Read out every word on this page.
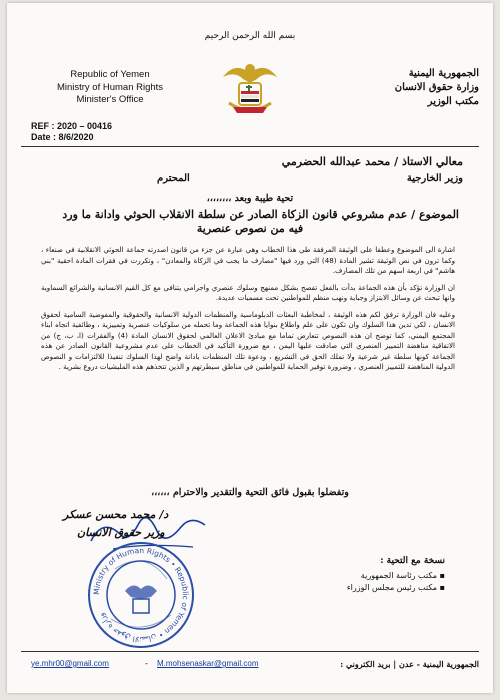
بسم الله الرحمن الرحيم
Republic of Yemen
Ministry of Human Rights
Minister's Office
الجمهورية اليمنية
وزارة حقوق الانسان
مكتب الوزير
REF : 2020 – 00416
Date : 8/6/2020
معالي الاستاذ / محمد عبدالله الحضرمي
وزير الخارجية
المحترم
تحية طيبة وبعد ،،،،،،،،
الموضوع / عدم مشروعي قانون الزكاة الصادر عن سلطة الانقلاب الحوثي وادانة ما ورد
فيه من نصوص عنصرية

اشارة الى الموضوع وعطفا على الوثيقة المرفقة طي هذا الخطاب وهي عبارة عن جزء من قانون اصدرته جماعة الحوثي الانقلابية في صنعاء ، وكما ترون في نص الوثيقة تشير المادة (48) التي ورد فيها "مصارف ما يجب في الزكاة والمعادن" ، وتكررت في فقرات المادة احقية "بني هاشم" في اربعة اسهم من تلك المصارف.

ان الوزارة تؤكد بأن هذه الجماعة بدأت بالفعل تفصح بشكل ممنهج وسلوك عنصري واجرامي يتنافى مع كل القيم الانسانية والشرائع السماوية وانها تبحث عن وسائل الابتزاز وجباية ونهب منظم للمواطنين تحت مسميات عديدة.

وعليه فان الوزارة ترفق لكم هذه الوثيقة ، لمخاطبة البعثات الدبلوماسية والمنظمات الدولية الانسانية والحقوقية والمفوضية السامية لحقوق الانسان ، لكي تدين هذا السلوك وان تكون على علم واطلاع بنوايا هذه الجماعة وما تحمله من سلوكيات عنصرية وتمييزية ، وطائفية اتجاه ابناء المجتمع اليمني، كما توضح ان هذه النصوص تتعارض تماما مع مبادئ الاعلان العالمي لحقوق الانسان المادة (4) والفقرات (ا، ب، ج) من الاتفاقية مناهضة التمييز العنصري التي صادقت عليها اليمن ، مع ضرورة التأكيد في الخطاب على عدم مشروعية القانون الصادر عن هذه الجماعة كونها سلطة غير شرعية ولا تملك الحق في التشريع ، ودعوة تلك المنظمات بادانة واضح لهذا السلوك تنفيذا للالتزامات و النصوص الدولية المناهضة للتمييز العنصري ، وضرورة توفير الحماية للمواطنين في مناطق سيطرتهم و الذين تتخذهم هذه المليشيات دروع بشرية .

وتفضلوا بقبول فائق التحية والتقدير والاحترام ،،،،،،
د/ محمد محسن عسكر
وزير حقوق الانسان
Ministry of Human Rights • Republic of Yemen • وزارة حقوق الانسان
نسخة مع التحية :
▪ مكتب رئاسة الجمهورية
▪ مكتب رئيس مجلس الوزراء
الجمهورية اليمنية - عدن | بريد الكتروني :
ye.mhr00@gmail.com	- M.mohsenaskar@gmail.com
